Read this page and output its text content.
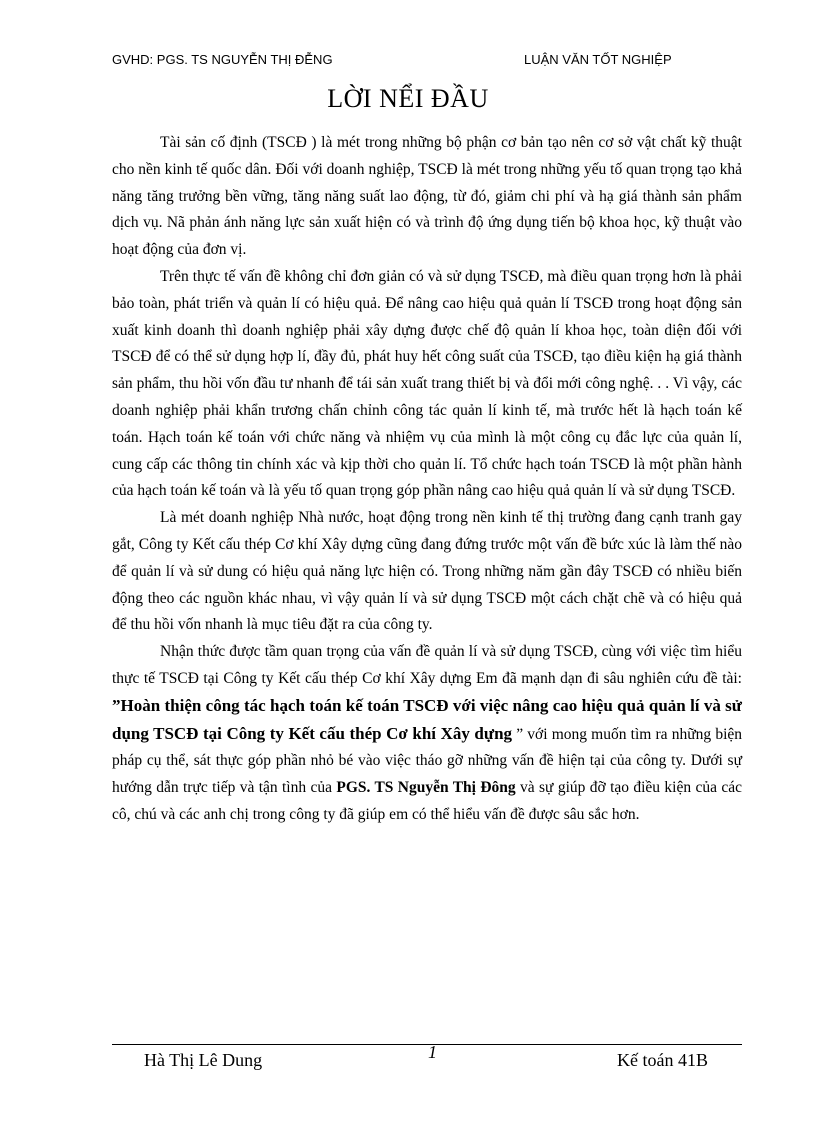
GVHD: PGS. TS NGUYỄN THỊ ĐỄNG	LUẬN VĂN TỐT NGHIỆP
LỜI NỂI ĐẦU

Tài sản cố định (TSCĐ ) là mét trong những bộ phận cơ bản tạo nên cơ sở vật chất kỹ thuật cho nền kinh tế quốc dân. Đối với doanh nghiệp, TSCĐ là mét trong những yếu tố quan trọng tạo khả năng tăng trưởng bền vững, tăng năng suất lao động, từ đó, giảm chi phí và hạ giá thành sản phẩm dịch vụ. Nã phản ánh năng lực sản xuất hiện có và trình độ ứng dụng tiến bộ khoa học, kỹ thuật vào hoạt động của đơn vị.

Trên thực tế vấn đề không chỉ đơn giản có và sử dụng TSCĐ, mà điều quan trọng hơn là phải bảo toàn, phát triển và quản lí có hiệu quả. Để nâng cao hiệu quả quản lí TSCĐ trong hoạt động sản xuất kinh doanh thì doanh nghiệp phải xây dựng được chế độ quản lí khoa học, toàn diện đối với TSCĐ để có thể sử dụng hợp lí, đầy đủ, phát huy hết công suất của TSCĐ, tạo điều kiện hạ giá thành sản phẩm, thu hồi vốn đầu tư nhanh để tái sản xuất trang thiết bị và đổi mới công nghệ. . . Vì vậy, các doanh nghiệp phải khẩn trương chấn chỉnh công tác quản lí kinh tế, mà trước hết là hạch toán kế toán. Hạch toán kế toán với chức năng và nhiệm vụ của mình là một công cụ đắc lực của quản lí, cung cấp các thông tin chính xác và kịp thời cho quản lí. Tổ chức hạch toán TSCĐ là một phần hành của hạch toán kế toán và là yếu tố quan trọng góp phần nâng cao hiệu quả quản lí và sử dụng TSCĐ.

Là mét doanh nghiệp Nhà nước, hoạt động trong nền kinh tế thị trường đang cạnh tranh gay gắt, Công ty Kết cấu thép Cơ khí Xây dựng cũng đang đứng trước một vấn đề bức xúc là làm thế nào để quản lí và sử dung có hiệu quả năng lực hiện có. Trong những năm gần đây TSCĐ có nhiều biến động theo các nguồn khác nhau, vì vậy quản lí và sử dụng TSCĐ một cách chặt chẽ và có hiệu quả để thu hồi vốn nhanh là mục tiêu đặt ra của công ty.

Nhận thức được tầm quan trọng của vấn đề quản lí và sử dụng TSCĐ, cùng với việc tìm hiểu thực tế TSCĐ tại Công ty Kết cấu thép Cơ khí Xây dựng Em đã mạnh dạn đi sâu nghiên cứu đề tài: ”Hoàn thiện công tác hạch toán kế toán TSCĐ với việc nâng cao hiệu quả quản lí và sử dụng TSCĐ tại Công ty Kết cấu thép Cơ khí Xây dựng ” với mong muốn tìm ra những biện pháp cụ thể, sát thực góp phần nhỏ bé vào việc tháo gỡ những vấn đề hiện tại của công ty. Dưới sự hướng dẫn trực tiếp và tận tình của PGS. TS Nguyễn Thị Đông và sự giúp đỡ tạo điều kiện của các cô, chú và các anh chị trong công ty đã giúp em có thể hiểu vấn đề được sâu sắc hơn.

Hà Thị Lê Dung	1	Kế toán 41B
